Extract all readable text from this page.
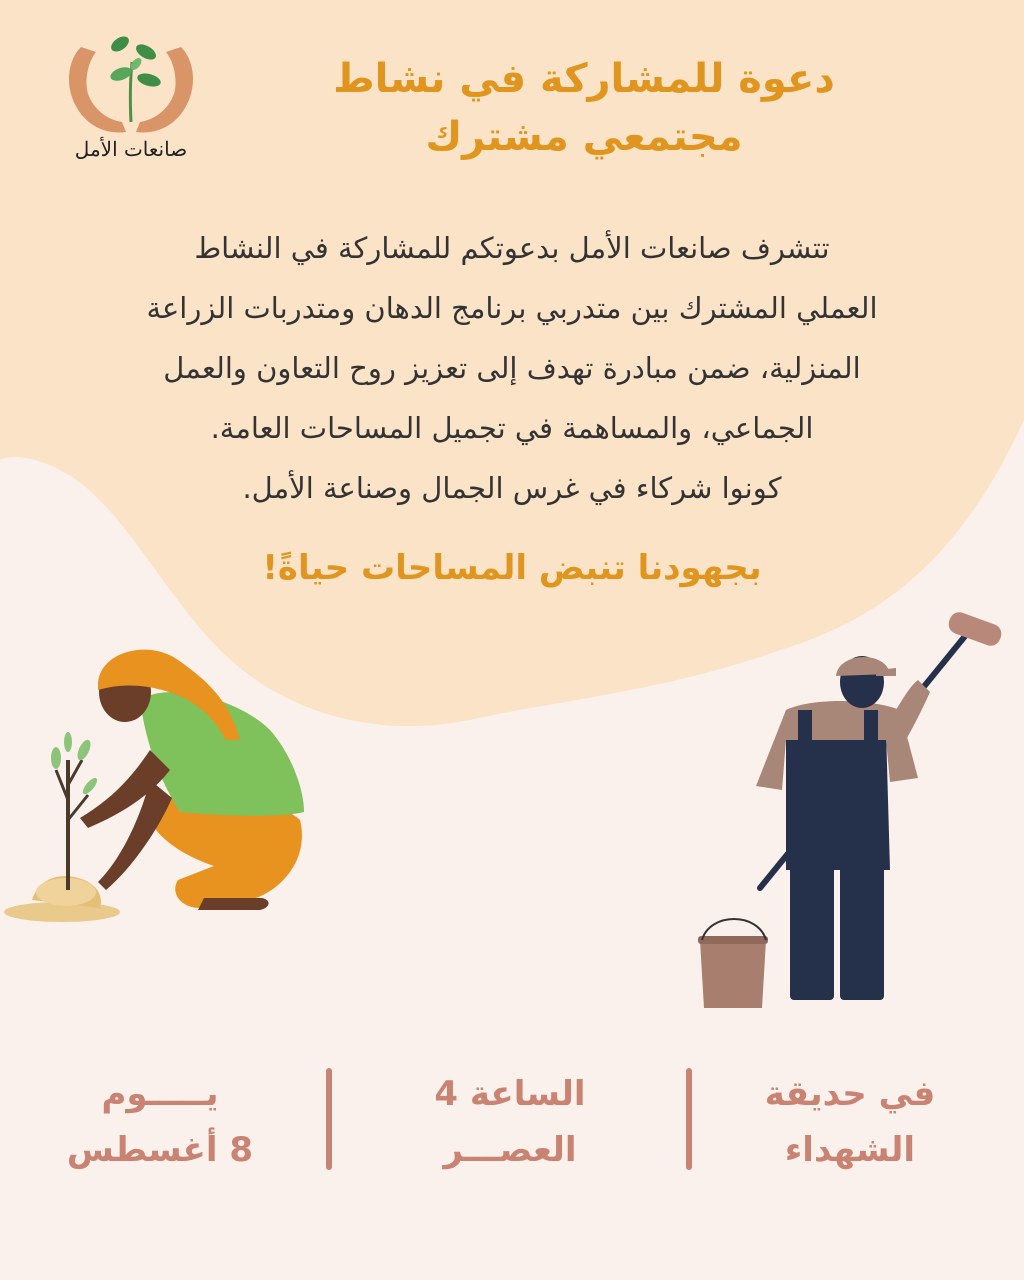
صانعات الأمل
دعوة للمشاركة في نشاط مجتمعي مشترك
تتشرف صانعات الأمل بدعوتكم للمشاركة في النشاط
العملي المشترك بين متدربي برنامج الدهان ومتدربات الزراعة
المنزلية، ضمن مبادرة تهدف إلى تعزيز روح التعاون والعمل
الجماعي، والمساهمة في تجميل المساحات العامة.
كونوا شركاء في غرس الجمال وصناعة الأمل.
بجهودنا تنبض المساحات حياةً!
في حديقة
الشهداء
الساعة 4
العصـــر
يـــــوم
8 أغسطس
